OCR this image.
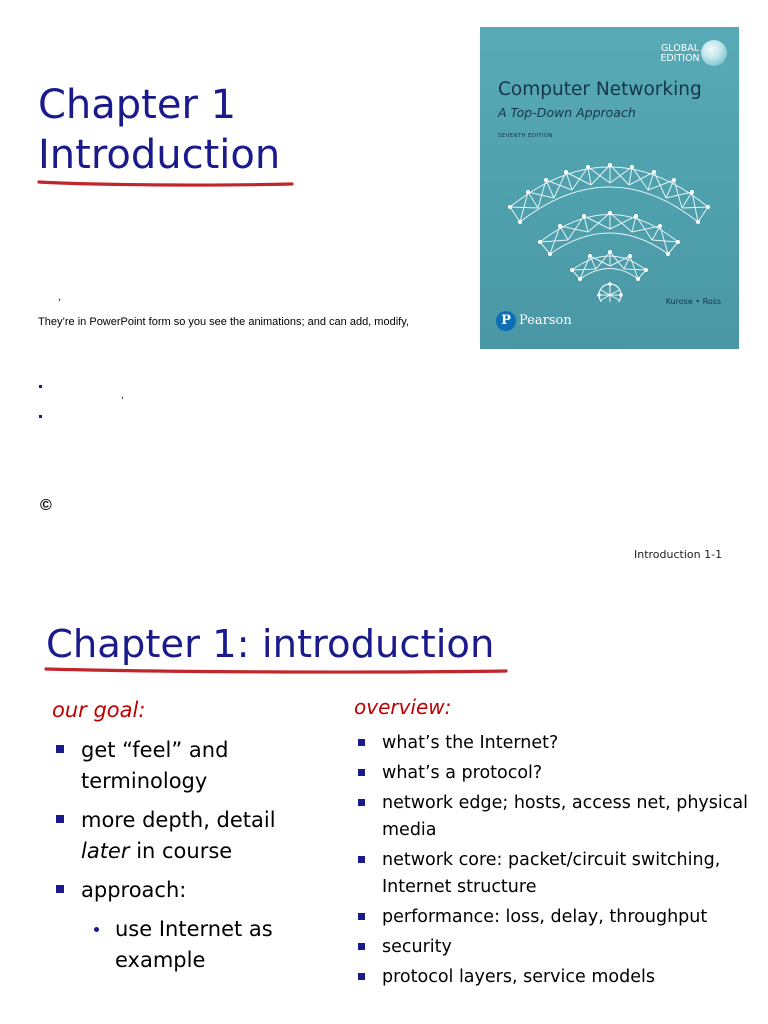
Chapter 1
Introduction
,
They’re in PowerPoint form so you see the animations; and can add, modify,
,
©
Introduction 1-1
GLOBAL EDITION
Computer Networking
A Top-Down Approach
SEVENTH EDITION
Kurose • Ross
P Pearson
Chapter 1: introduction
our goal:
get “feel” and terminology
more depth, detail
later in course
approach:
use Internet as example
overview:
what’s the Internet?
what’s a protocol?
network edge; hosts, access net, physical media
network core: packet/circuit switching, Internet structure
performance: loss, delay, throughput
security
protocol layers, service models
